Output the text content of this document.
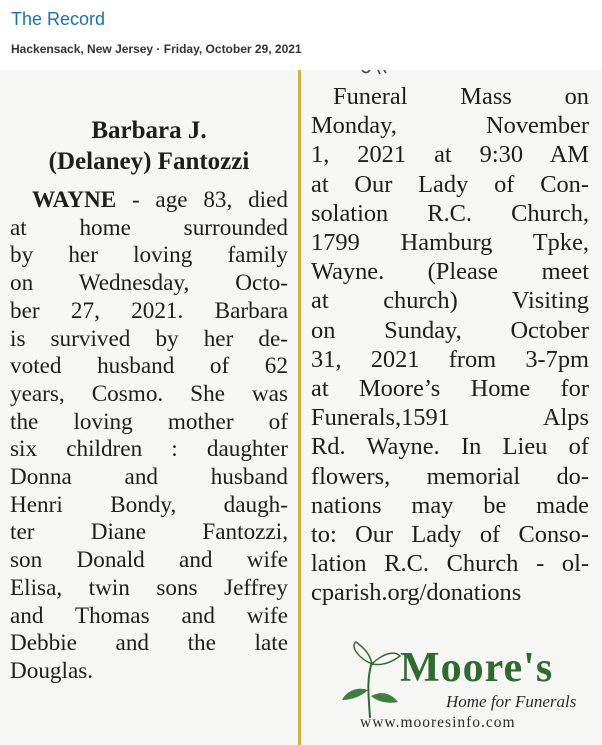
The Record
Hackensack, New Jersey · Friday, October 29, 2021
Barbara J.
(Delaney) Fantozzi
WAYNE - age 83, died
at home surrounded
by her loving family
on Wednesday, Octo-
ber 27, 2021. Barbara
is survived by her de-
voted husband of 62
years, Cosmo. She was
the loving mother of
six children : daughter
Donna and husband
Henri Bondy, daugh-
ter Diane Fantozzi,
son Donald and wife
Elisa, twin sons Jeffrey
and Thomas and wife
Debbie and the late
Douglas.
Funeral Mass on
Monday, November
1, 2021 at 9:30 AM
at Our Lady of Con-
solation R.C. Church,
1799 Hamburg Tpke,
Wayne. (Please meet
at church) Visiting
on Sunday, October
31, 2021 from 3-7pm
at Moore’s Home for
Funerals,1591 Alps
Rd. Wayne. In Lieu of
flowers, memorial do-
nations may be made
to: Our Lady of Conso-
lation R.C. Church - ol-
cparish.org/donations
Moore's
Home for Funerals
www.mooresinfo.com
